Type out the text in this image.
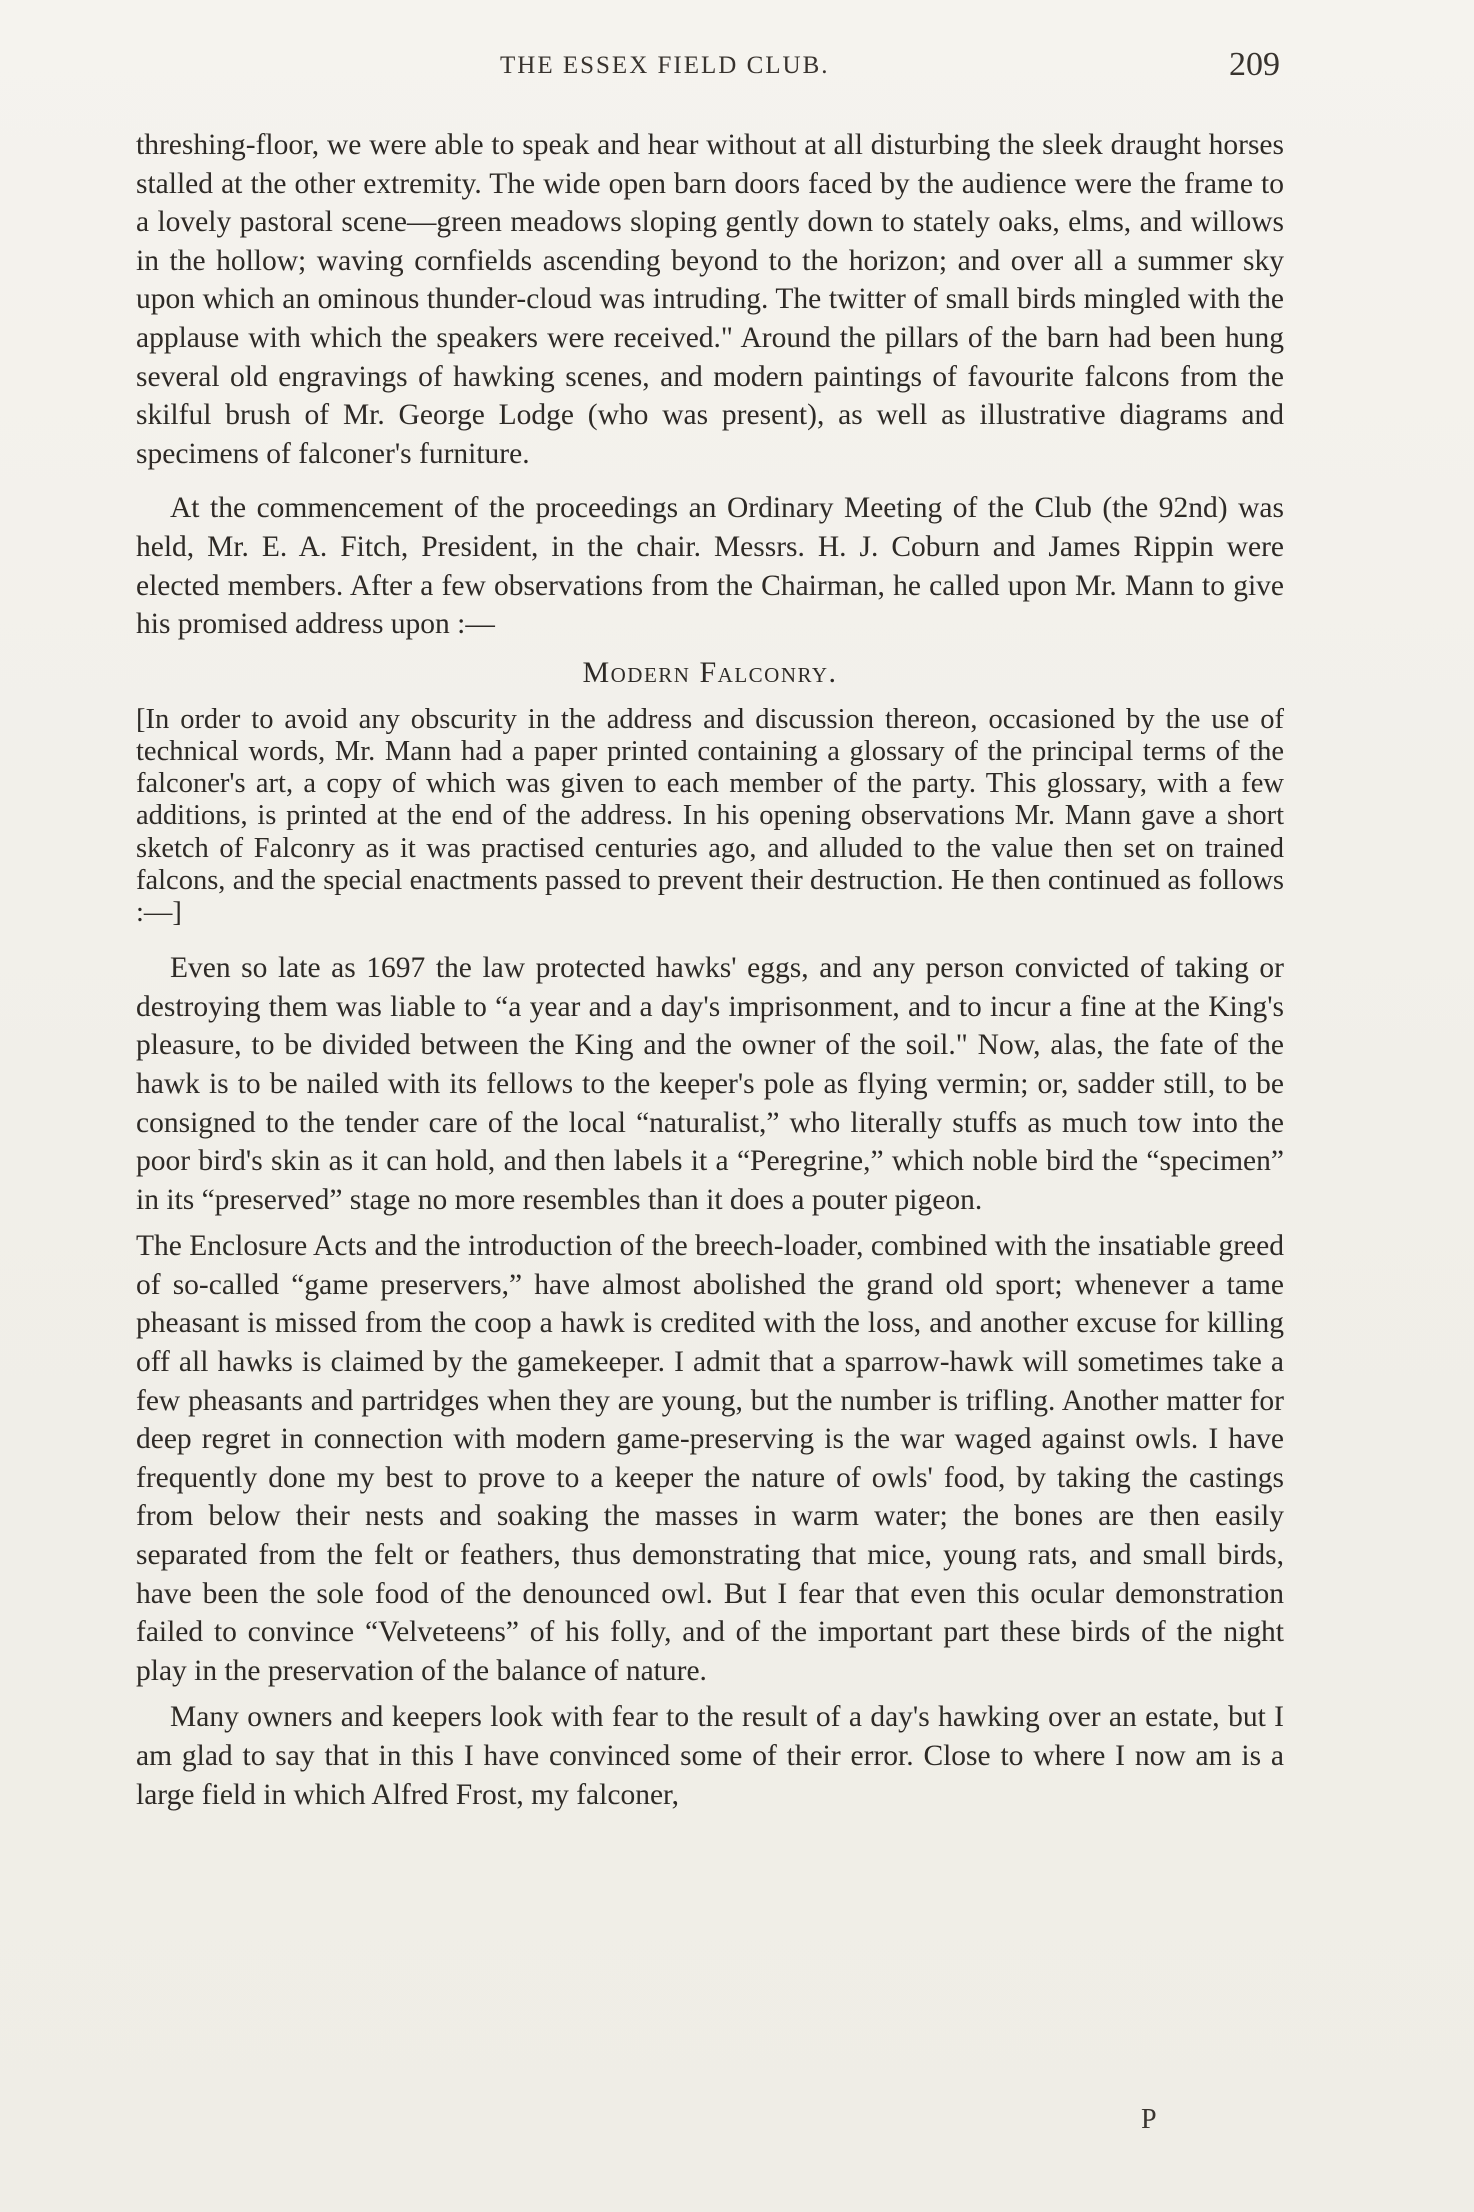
THE ESSEX FIELD CLUB.	209

threshing-floor, we were able to speak and hear without at all disturbing the sleek draught horses stalled at the other extremity. The wide open barn doors faced by the audience were the frame to a lovely pastoral scene—green meadows sloping gently down to stately oaks, elms, and willows in the hollow; waving cornfields ascending beyond to the horizon; and over all a summer sky upon which an ominous thunder-cloud was intruding. The twitter of small birds mingled with the applause with which the speakers were received." Around the pillars of the barn had been hung several old engravings of hawking scenes, and modern paintings of favourite falcons from the skilful brush of Mr. George Lodge (who was present), as well as illustrative diagrams and specimens of falconer's furniture.

At the commencement of the proceedings an Ordinary Meeting of the Club (the 92nd) was held, Mr. E. A. Fitch, President, in the chair. Messrs. H. J. Coburn and James Rippin were elected members. After a few observations from the Chairman, he called upon Mr. Mann to give his promised address upon :—

Modern Falconry.

[In order to avoid any obscurity in the address and discussion thereon, occasioned by the use of technical words, Mr. Mann had a paper printed containing a glossary of the principal terms of the falconer's art, a copy of which was given to each member of the party. This glossary, with a few additions, is printed at the end of the address. In his opening observations Mr. Mann gave a short sketch of Falconry as it was practised centuries ago, and alluded to the value then set on trained falcons, and the special enactments passed to prevent their destruction. He then continued as follows :—]

Even so late as 1697 the law protected hawks' eggs, and any person convicted of taking or destroying them was liable to “a year and a day's imprisonment, and to incur a fine at the King's pleasure, to be divided between the King and the owner of the soil." Now, alas, the fate of the hawk is to be nailed with its fellows to the keeper's pole as flying vermin; or, sadder still, to be consigned to the tender care of the local “naturalist,” who literally stuffs as much tow into the poor bird's skin as it can hold, and then labels it a “Peregrine,” which noble bird the “specimen” in its “preserved” stage no more resembles than it does a pouter pigeon.

The Enclosure Acts and the introduction of the breech-loader, combined with the insatiable greed of so-called “game preservers,” have almost abolished the grand old sport; whenever a tame pheasant is missed from the coop a hawk is credited with the loss, and another excuse for killing off all hawks is claimed by the gamekeeper. I admit that a sparrow-hawk will sometimes take a few pheasants and partridges when they are young, but the number is trifling. Another matter for deep regret in connection with modern game-preserving is the war waged against owls. I have frequently done my best to prove to a keeper the nature of owls' food, by taking the castings from below their nests and soaking the masses in warm water; the bones are then easily separated from the felt or feathers, thus demonstrating that mice, young rats, and small birds, have been the sole food of the denounced owl. But I fear that even this ocular demonstration failed to convince “Velveteens” of his folly, and of the important part these birds of the night play in the preservation of the balance of nature.

Many owners and keepers look with fear to the result of a day's hawking over an estate, but I am glad to say that in this I have convinced some of their error. Close to where I now am is a large field in which Alfred Frost, my falconer,

P
